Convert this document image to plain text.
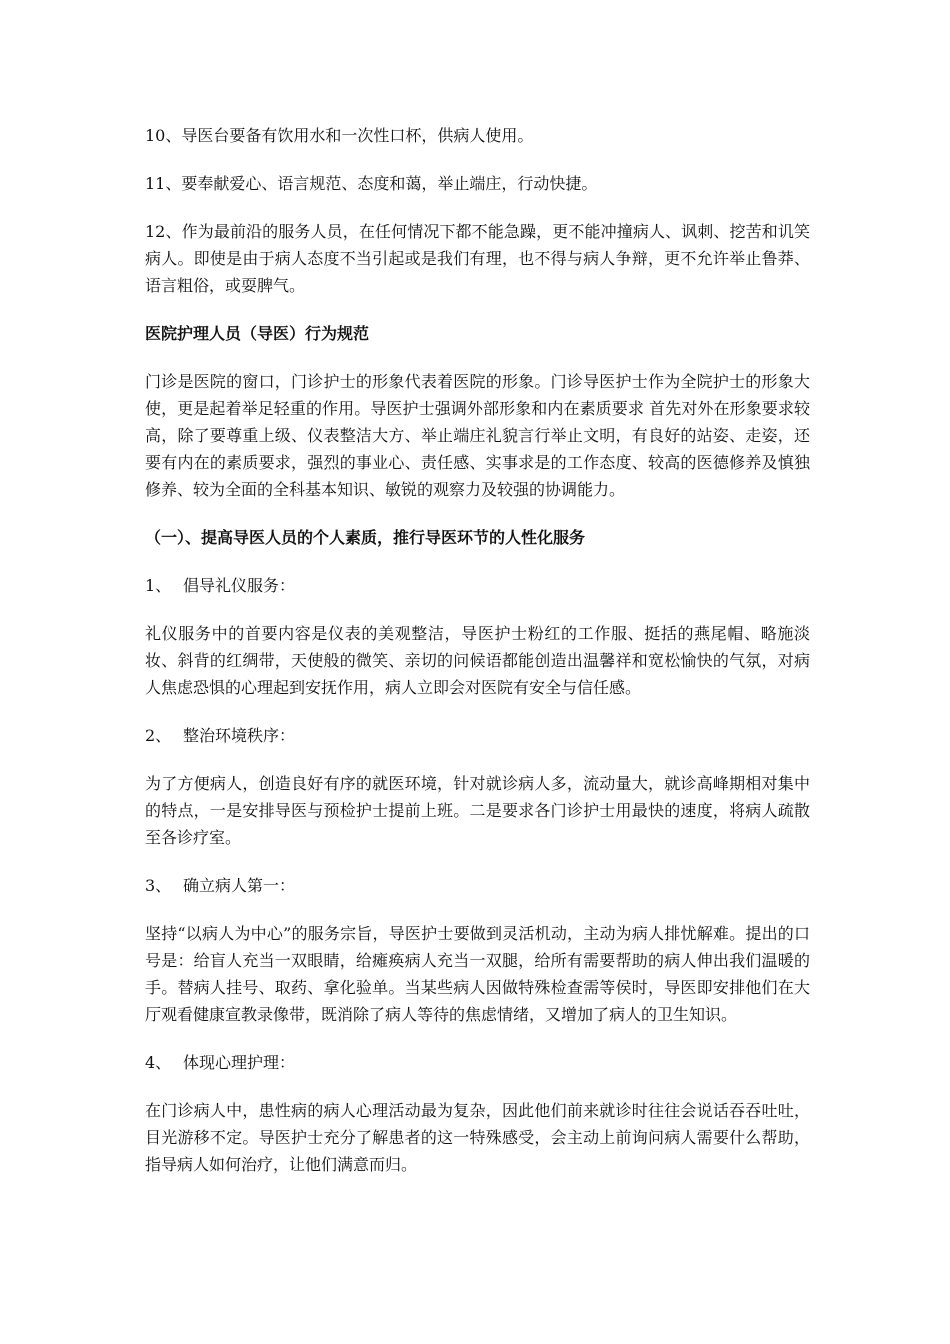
10、导医台要备有饮用水和一次性口杯，供病人使用。

11、要奉献爱心、语言规范、态度和蔼，举止端庄，行动快捷。

12、作为最前沿的服务人员，在任何情况下都不能急躁，更不能冲撞病人、讽刺、挖苦和讥笑病人。即使是由于病人态度不当引起或是我们有理，也不得与病人争辩，更不允许举止鲁莽、语言粗俗，或耍脾气。

医院护理人员（导医）行为规范

门诊是医院的窗口，门诊护士的形象代表着医院的形象。门诊导医护士作为全院护士的形象大使，更是起着举足轻重的作用。导医护士强调外部形象和内在素质要求 首先对外在形象要求较高，除了要尊重上级、仪表整洁大方、举止端庄礼貌言行举止文明，有良好的站姿、走姿，还要有内在的素质要求，强烈的事业心、责任感、实事求是的工作态度、较高的医德修养及慎独修养、较为全面的全科基本知识、敏锐的观察力及较强的协调能力。

（一）、提高导医人员的个人素质，推行导医环节的人性化服务

1、 倡导礼仪服务：

礼仪服务中的首要内容是仪表的美观整洁，导医护士粉红的工作服、挺括的燕尾帽、略施淡妆、斜背的红绸带，天使般的微笑、亲切的问候语都能创造出温馨祥和宽松愉快的气氛，对病人焦虑恐惧的心理起到安抚作用，病人立即会对医院有安全与信任感。

2、 整治环境秩序：

为了方便病人，创造良好有序的就医环境，针对就诊病人多，流动量大，就诊高峰期相对集中的特点，一是安排导医与预检护士提前上班。二是要求各门诊护士用最快的速度，将病人疏散至各诊疗室。

3、 确立病人第一：

坚持“以病人为中心”的服务宗旨，导医护士要做到灵活机动，主动为病人排忧解难。提出的口号是：给盲人充当一双眼睛，给瘫痪病人充当一双腿，给所有需要帮助的病人伸出我们温暖的手。替病人挂号、取药、拿化验单。当某些病人因做特殊检查需等侯时，导医即安排他们在大厅观看健康宣教录像带，既消除了病人等待的焦虑情绪，又增加了病人的卫生知识。

4、 体现心理护理：

在门诊病人中，患性病的病人心理活动最为复杂，因此他们前来就诊时往往会说话吞吞吐吐，目光游移不定。导医护士充分了解患者的这一特殊感受，会主动上前询问病人需要什么帮助，指导病人如何治疗，让他们满意而归。
